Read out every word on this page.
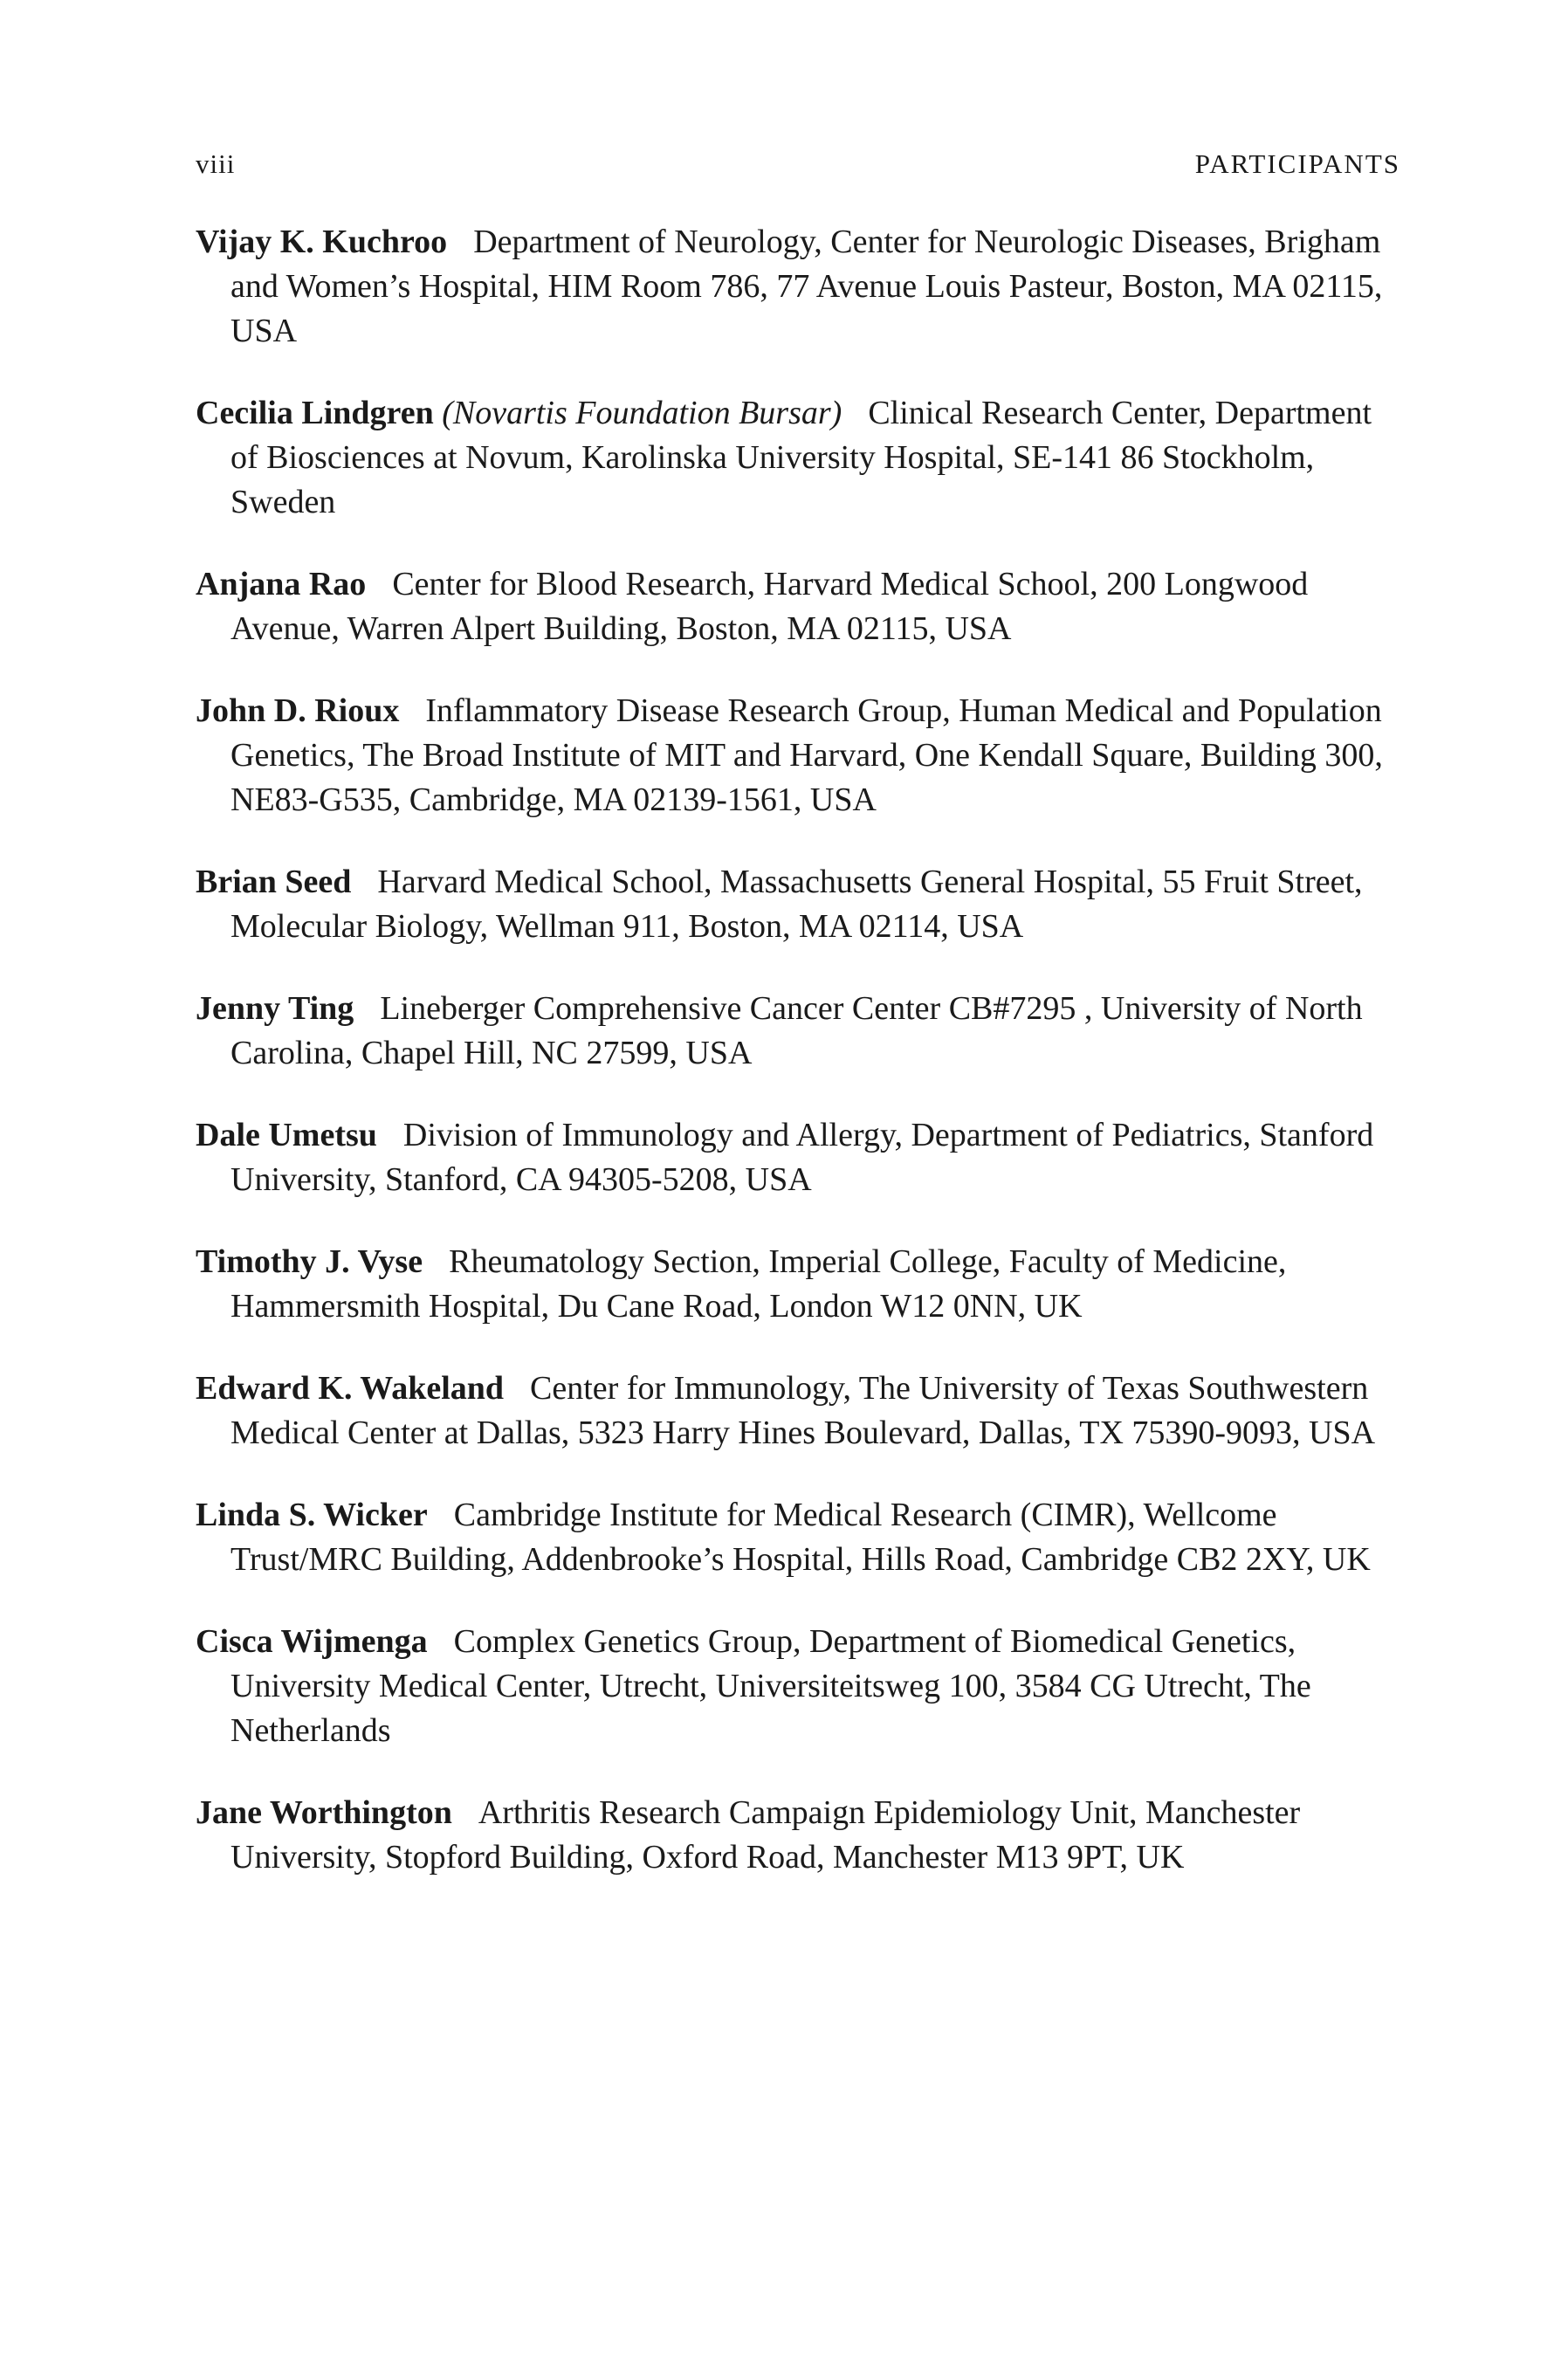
viii	PARTICIPANTS

Vijay K. Kuchroo Department of Neurology, Center for Neurologic Diseases, Brigham and Women’s Hospital, HIM Room 786, 77 Avenue Louis Pasteur, Boston, MA 02115, USA

Cecilia Lindgren (Novartis Foundation Bursar) Clinical Research Center, Department of Biosciences at Novum, Karolinska University Hospital, SE-141 86 Stockholm, Sweden

Anjana Rao Center for Blood Research, Harvard Medical School, 200 Longwood Avenue, Warren Alpert Building, Boston, MA 02115, USA

John D. Rioux Inflammatory Disease Research Group, Human Medical and Population Genetics, The Broad Institute of MIT and Harvard, One Kendall Square, Building 300, NE83-G535, Cambridge, MA 02139-1561, USA

Brian Seed Harvard Medical School, Massachusetts General Hospital, 55 Fruit Street, Molecular Biology, Wellman 911, Boston, MA 02114, USA

Jenny Ting Lineberger Comprehensive Cancer Center CB#7295 , University of North Carolina, Chapel Hill, NC 27599, USA

Dale Umetsu Division of Immunology and Allergy, Department of Pediatrics, Stanford University, Stanford, CA 94305-5208, USA

Timothy J. Vyse Rheumatology Section, Imperial College, Faculty of Medicine, Hammersmith Hospital, Du Cane Road, London W12 0NN, UK

Edward K. Wakeland Center for Immunology, The University of Texas Southwestern Medical Center at Dallas, 5323 Harry Hines Boulevard, Dallas, TX 75390-9093, USA

Linda S. Wicker Cambridge Institute for Medical Research (CIMR), Wellcome Trust/MRC Building, Addenbrooke’s Hospital, Hills Road, Cambridge CB2 2XY, UK

Cisca Wijmenga Complex Genetics Group, Department of Biomedical Genetics, University Medical Center, Utrecht, Universiteitsweg 100, 3584 CG Utrecht, The Netherlands

Jane Worthington Arthritis Research Campaign Epidemiology Unit, Manchester University, Stopford Building, Oxford Road, Manchester M13 9PT, UK
